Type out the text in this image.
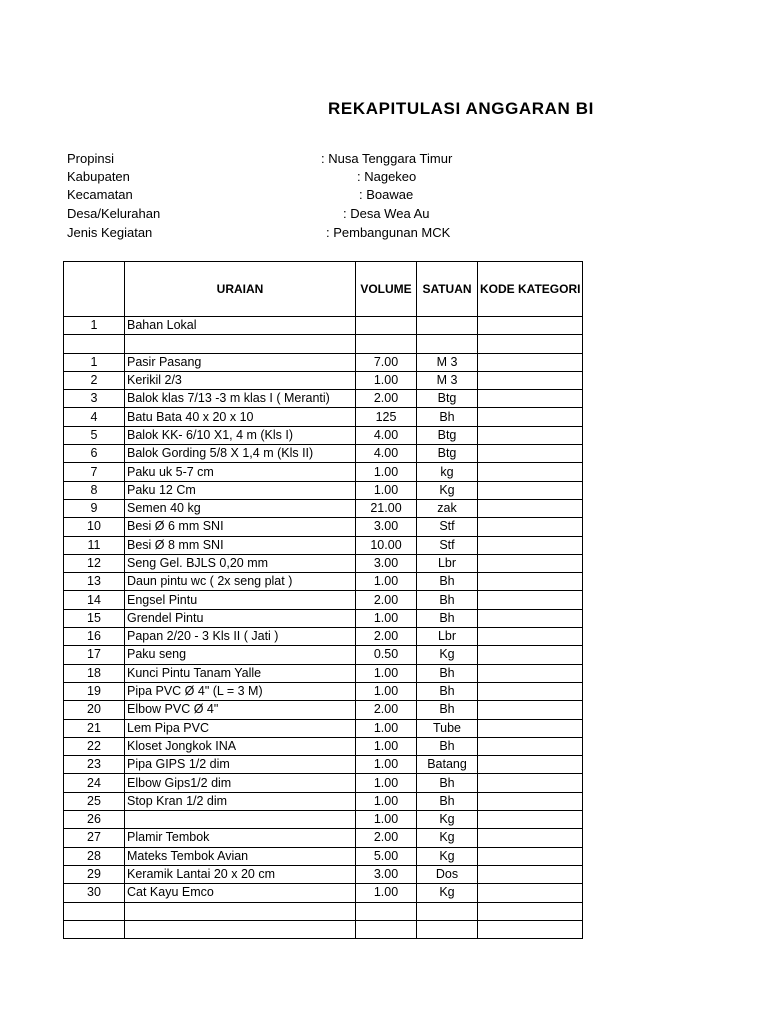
REKAPITULASI ANGGARAN BI
Propinsi	: Nusa Tenggara Timur
Kabupaten	: Nagekeo
Kecamatan	: Boawae
Desa/Kelurahan	: Desa Wea Au
Jenis Kegiatan	: Pembangunan MCK
	URAIAN	VOLUME	SATUAN	KODE KATEGORI
1	Bahan Lokal			

1	Pasir Pasang	7.00	M 3	
2	Kerikil 2/3	1.00	M 3	
3	Balok klas 7/13 -3 m klas I ( Meranti)	2.00	Btg	
4	Batu Bata 40 x 20 x 10	125	Bh	
5	Balok KK- 6/10 X1, 4 m (Kls I)	4.00	Btg	
6	Balok Gording 5/8 X 1,4 m (Kls II)	4.00	Btg	
7	Paku uk 5-7 cm	1.00	kg	
8	Paku 12 Cm	1.00	Kg	
9	Semen 40 kg	21.00	zak	
10	Besi Ø 6 mm SNI	3.00	Stf	
11	Besi Ø 8 mm SNI	10.00	Stf	
12	Seng Gel. BJLS 0,20 mm	3.00	Lbr	
13	Daun pintu wc ( 2x seng plat )	1.00	Bh	
14	Engsel Pintu	2.00	Bh	
15	Grendel Pintu	1.00	Bh	
16	Papan 2/20 - 3 Kls II ( Jati )	2.00	Lbr	
17	Paku seng	0.50	Kg	
18	Kunci Pintu Tanam Yalle	1.00	Bh	
19	Pipa PVC Ø 4" (L = 3 M)	1.00	Bh	
20	Elbow PVC Ø 4"	2.00	Bh	
21	Lem Pipa PVC	1.00	Tube	
22	Kloset Jongkok INA	1.00	Bh	
23	Pipa GIPS 1/2 dim	1.00	Batang	
24	Elbow Gips1/2 dim	1.00	Bh	
25	Stop Kran 1/2 dim	1.00	Bh	
26		1.00	Kg	
27	Plamir Tembok	2.00	Kg	
28	Mateks Tembok Avian	5.00	Kg	
29	Keramik Lantai 20 x 20 cm	3.00	Dos	
30	Cat Kayu Emco	1.00	Kg	
